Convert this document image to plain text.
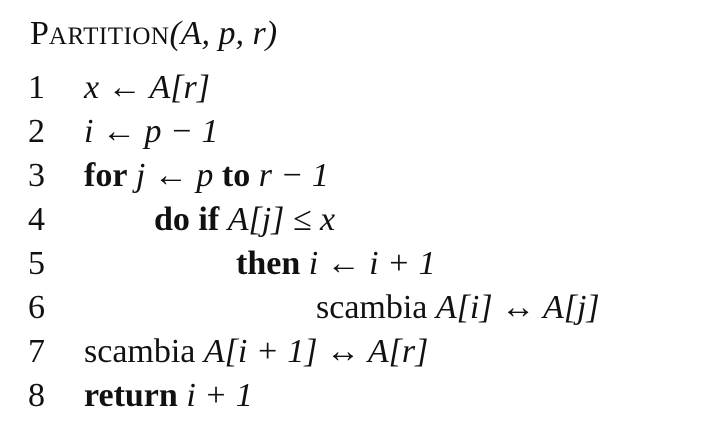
PARTITION(A, p, r)
1	x ← A[r]
2	i ← p − 1
3	for j ← p to r − 1
4	do if A[j] ≤ x
5	then i ← i + 1
6	scambia A[i] ↔ A[j]
7	scambia A[i + 1] ↔ A[r]
8	return i + 1
